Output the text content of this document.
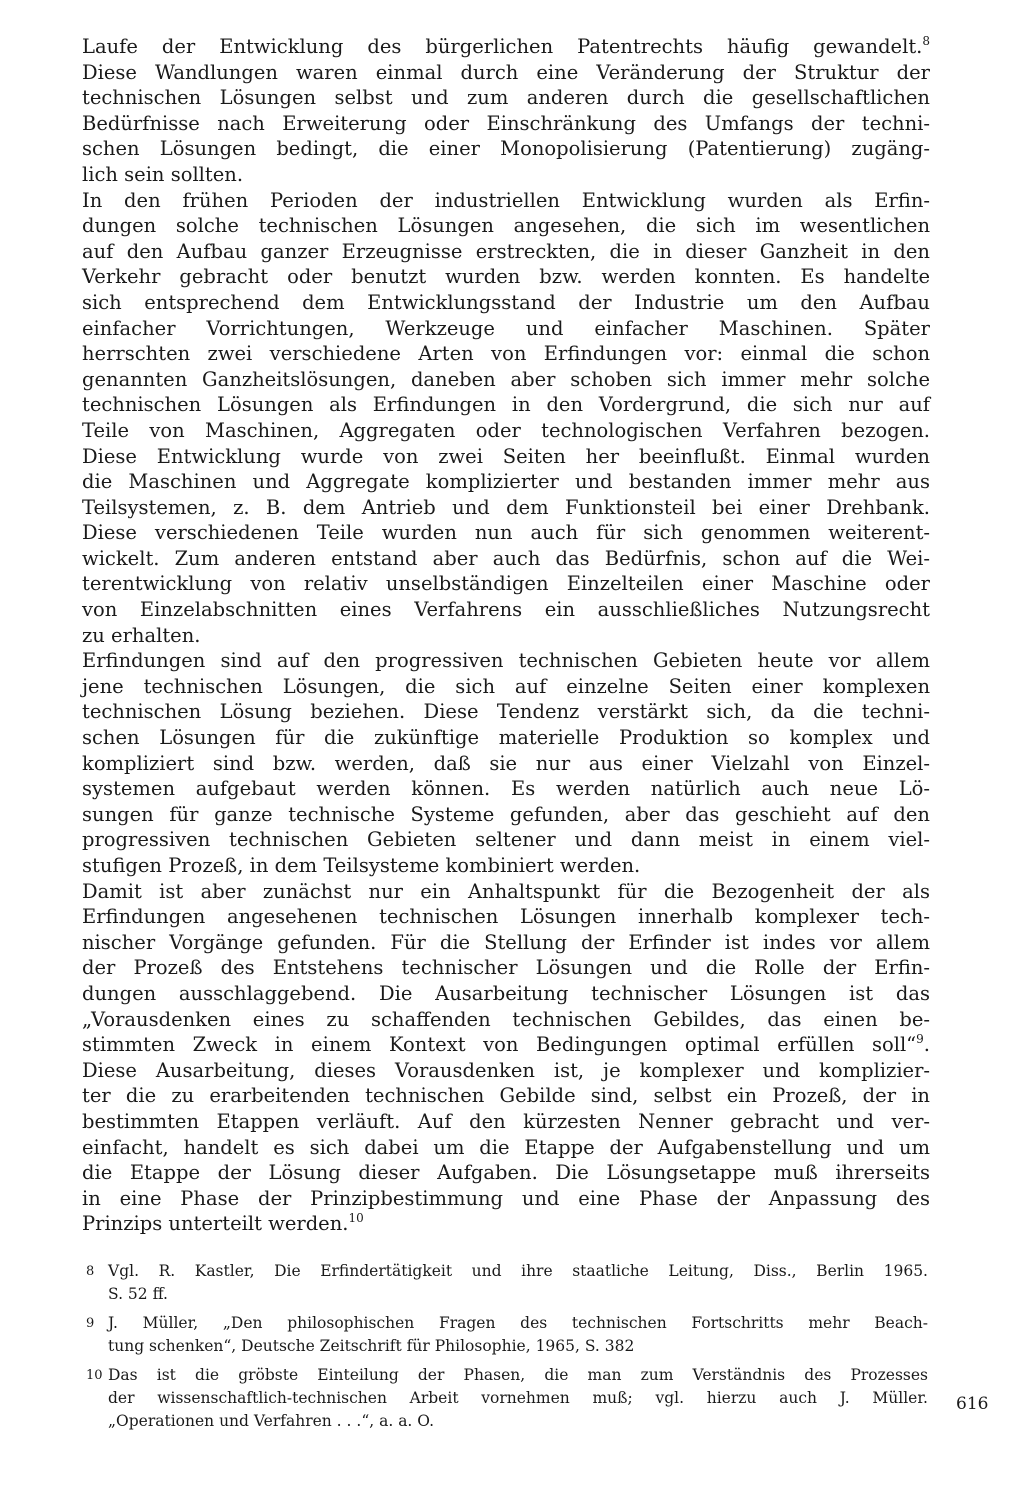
Laufe der Entwicklung des bürgerlichen Patentrechts häufig gewandelt.$^8$
Diese Wandlungen waren einmal durch eine Veränderung der Struktur der
technischen Lösungen selbst und zum anderen durch die gesellschaftlichen
Bedürfnisse nach Erweiterung oder Einschränkung des Umfangs der techni-
schen Lösungen bedingt, die einer Monopolisierung (Patentierung) zugäng-
lich sein sollten.
In den frühen Perioden der industriellen Entwicklung wurden als Erfin-
dungen solche technischen Lösungen angesehen, die sich im wesentlichen
auf den Aufbau ganzer Erzeugnisse erstreckten, die in dieser Ganzheit in den
Verkehr gebracht oder benutzt wurden bzw. werden konnten. Es handelte
sich entsprechend dem Entwicklungsstand der Industrie um den Aufbau
einfacher Vorrichtungen, Werkzeuge und einfacher Maschinen. Später
herrschten zwei verschiedene Arten von Erfindungen vor: einmal die schon
genannten Ganzheitslösungen, daneben aber schoben sich immer mehr solche
technischen Lösungen als Erfindungen in den Vordergrund, die sich nur auf
Teile von Maschinen, Aggregaten oder technologischen Verfahren bezogen.
Diese Entwicklung wurde von zwei Seiten her beeinflußt. Einmal wurden
die Maschinen und Aggregate komplizierter und bestanden immer mehr aus
Teilsystemen, z. B. dem Antrieb und dem Funktionsteil bei einer Drehbank.
Diese verschiedenen Teile wurden nun auch für sich genommen weiterent-
wickelt. Zum anderen entstand aber auch das Bedürfnis, schon auf die Wei-
terentwicklung von relativ unselbständigen Einzelteilen einer Maschine oder
von Einzelabschnitten eines Verfahrens ein ausschließliches Nutzungsrecht
zu erhalten.
Erfindungen sind auf den progressiven technischen Gebieten heute vor allem
jene technischen Lösungen, die sich auf einzelne Seiten einer komplexen
technischen Lösung beziehen. Diese Tendenz verstärkt sich, da die techni-
schen Lösungen für die zukünftige materielle Produktion so komplex und
kompliziert sind bzw. werden, daß sie nur aus einer Vielzahl von Einzel-
systemen aufgebaut werden können. Es werden natürlich auch neue Lö-
sungen für ganze technische Systeme gefunden, aber das geschieht auf den
progressiven technischen Gebieten seltener und dann meist in einem viel-
stufigen Prozeß, in dem Teilsysteme kombiniert werden.
Damit ist aber zunächst nur ein Anhaltspunkt für die Bezogenheit der als
Erfindungen angesehenen technischen Lösungen innerhalb komplexer tech-
nischer Vorgänge gefunden. Für die Stellung der Erfinder ist indes vor allem
der Prozeß des Entstehens technischer Lösungen und die Rolle der Erfin-
dungen ausschlaggebend. Die Ausarbeitung technischer Lösungen ist das
„Vorausdenken eines zu schaffenden technischen Gebildes, das einen be-
stimmten Zweck in einem Kontext von Bedingungen optimal erfüllen soll“$^9$.
Diese Ausarbeitung, dieses Vorausdenken ist, je komplexer und komplizier-
ter die zu erarbeitenden technischen Gebilde sind, selbst ein Prozeß, der in
bestimmten Etappen verläuft. Auf den kürzesten Nenner gebracht und ver-
einfacht, handelt es sich dabei um die Etappe der Aufgabenstellung und um
die Etappe der Lösung dieser Aufgaben. Die Lösungsetappe muß ihrerseits
in eine Phase der Prinzipbestimmung und eine Phase der Anpassung des
Prinzips unterteilt werden.$^{10}$
8 Vgl. R. Kastler, Die Erfindertätigkeit und ihre staatliche Leitung, Diss., Berlin 1965.
S. 52 ff.
9 J. Müller, „Den philosophischen Fragen des technischen Fortschritts mehr Beach-
tung schenken“, Deutsche Zeitschrift für Philosophie, 1965, S. 382
10 Das ist die gröbste Einteilung der Phasen, die man zum Verständnis des Prozesses
der wissenschaftlich-technischen Arbeit vornehmen muß; vgl. hierzu auch J. Müller.
„Operationen und Verfahren . . .“, a. a. O.
616
